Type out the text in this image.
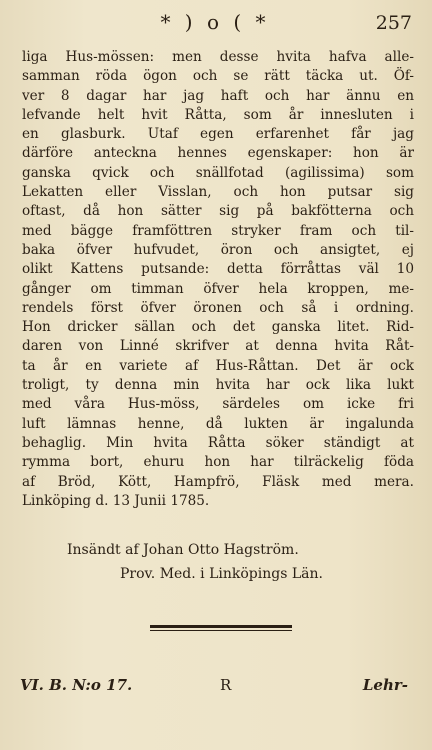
* ) o ( *	257
liga Hus-mössen: men desse hvita hafva alle-
samman röda ögon och se rätt täcka ut. Öf-
ver 8 dagar har jag haft och har ännu en
lefvande helt hvit Råtta, som år innesluten i
en glasburk. Utaf egen erfarenhet får jag
därföre anteckna hennes egenskaper: hon är
ganska qvick och snällfotad (agilissima) som
Lekatten eller Visslan, och hon putsar sig
oftast, då hon sätter sig på bakfötterna och
med bägge framföttren stryker fram och til-
baka öfver hufvudet, öron och ansigtet, ej
olikt Kattens putsande: detta förråttas väl 10
gånger om timman öfver hela kroppen, me-
rendels först öfver öronen och så i ordning.
Hon dricker sällan och det ganska litet. Rid-
daren von Linné skrifver at denna hvita Råt-
ta år en variete af Hus-Råttan. Det är ock
troligt, ty denna min hvita har ock lika lukt
med våra Hus-möss, särdeles om icke fri
luft lämnas henne, då lukten är ingalunda
behaglig. Min hvita Råtta söker ständigt at
rymma bort, ehuru hon har tilräckelig föda
af Bröd, Kött, Hampfrö, Fläsk med mera.
Linköping d. 13 Junii 1785.
Insändt af Johan Otto Hagström.
Prov. Med. i Linköpings Län.
VI. B. N:o 17.	R	Lehr-
